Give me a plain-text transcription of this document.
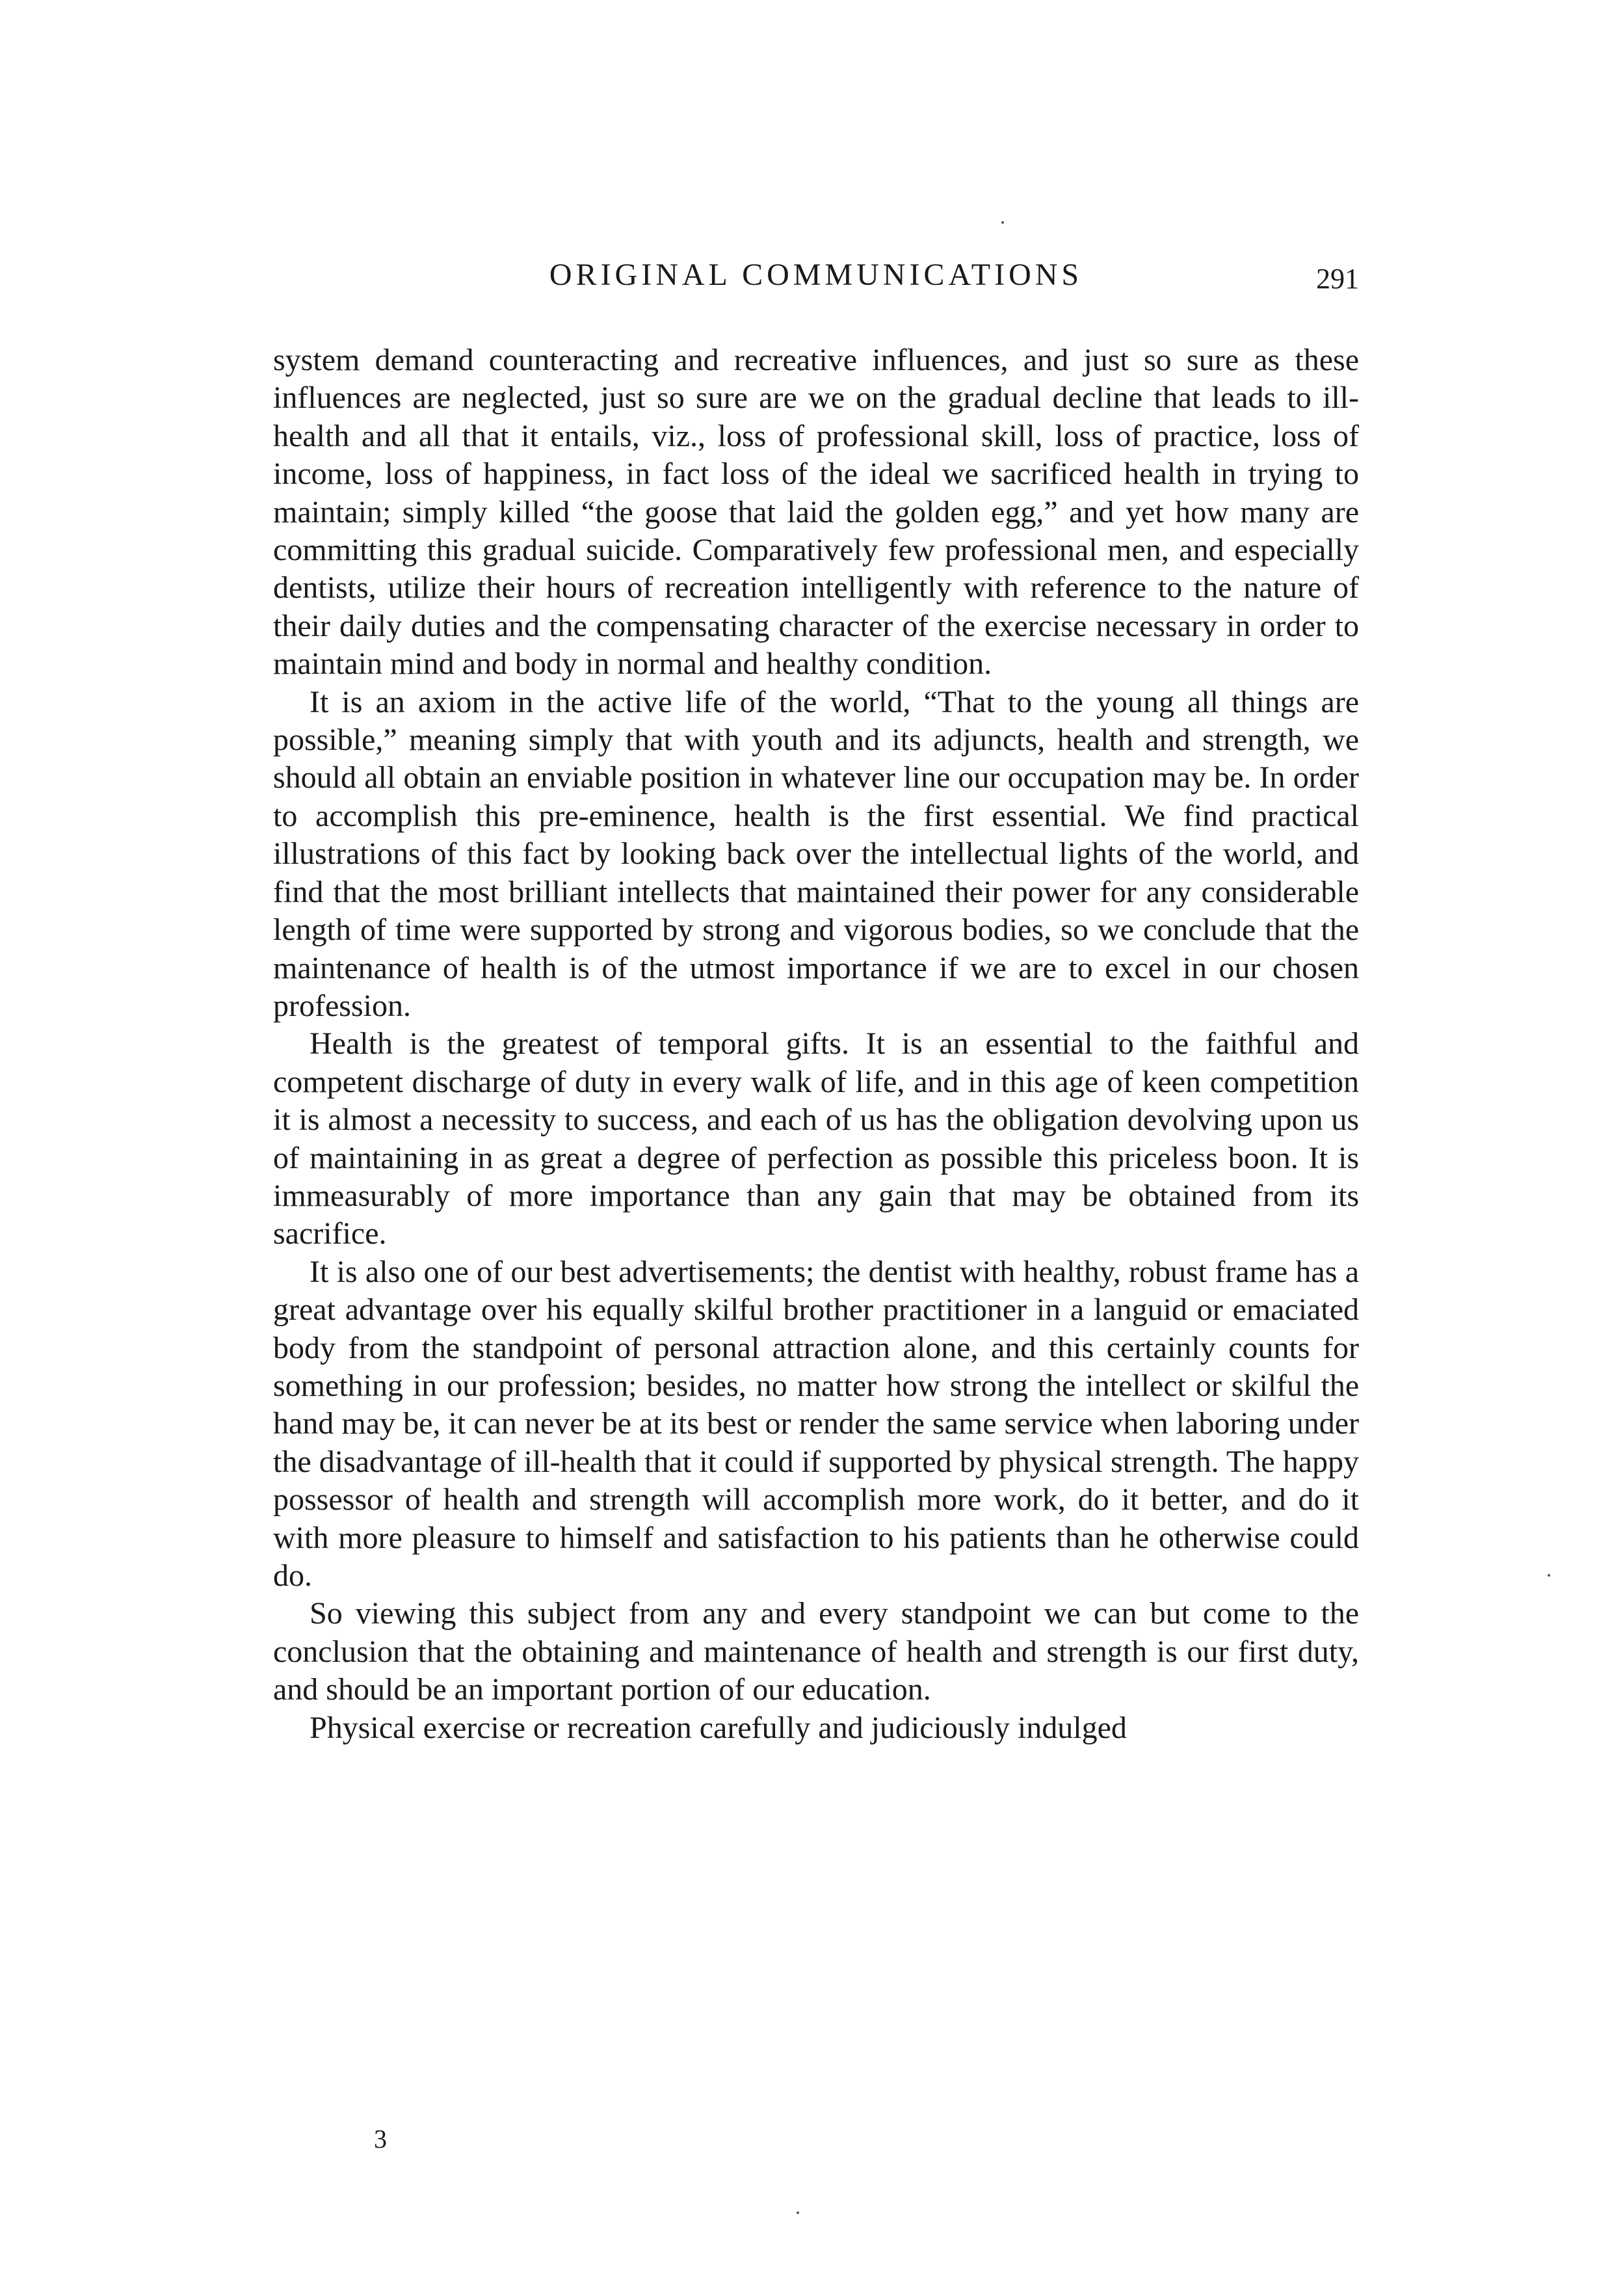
ORIGINAL COMMUNICATIONS	291

system demand counteracting and recreative influences, and just so sure as these influences are neglected, just so sure are we on the gradual decline that leads to ill-health and all that it entails, viz., loss of professional skill, loss of practice, loss of income, loss of happiness, in fact loss of the ideal we sacrificed health in trying to maintain; simply killed “the goose that laid the golden egg,” and yet how many are committing this gradual suicide. Comparatively few professional men, and especially dentists, utilize their hours of recreation intelligently with reference to the nature of their daily duties and the compensating character of the exercise necessary in order to maintain mind and body in normal and healthy condition.

It is an axiom in the active life of the world, “That to the young all things are possible,” meaning simply that with youth and its adjuncts, health and strength, we should all obtain an enviable position in whatever line our occupation may be. In order to accomplish this pre-eminence, health is the first essential. We find practical illustrations of this fact by looking back over the intellectual lights of the world, and find that the most brilliant intellects that maintained their power for any considerable length of time were supported by strong and vigorous bodies, so we conclude that the maintenance of health is of the utmost importance if we are to excel in our chosen profession.

Health is the greatest of temporal gifts. It is an essential to the faithful and competent discharge of duty in every walk of life, and in this age of keen competition it is almost a necessity to success, and each of us has the obligation devolving upon us of maintaining in as great a degree of perfection as possible this priceless boon. It is immeasurably of more importance than any gain that may be obtained from its sacrifice.

It is also one of our best advertisements; the dentist with healthy, robust frame has a great advantage over his equally skilful brother practitioner in a languid or emaciated body from the standpoint of personal attraction alone, and this certainly counts for something in our profession; besides, no matter how strong the intellect or skilful the hand may be, it can never be at its best or render the same service when laboring under the disadvantage of ill-health that it could if supported by physical strength. The happy possessor of health and strength will accomplish more work, do it better, and do it with more pleasure to himself and satisfaction to his patients than he otherwise could do.

So viewing this subject from any and every standpoint we can but come to the conclusion that the obtaining and maintenance of health and strength is our first duty, and should be an important portion of our education.

Physical exercise or recreation carefully and judiciously indulged

3
